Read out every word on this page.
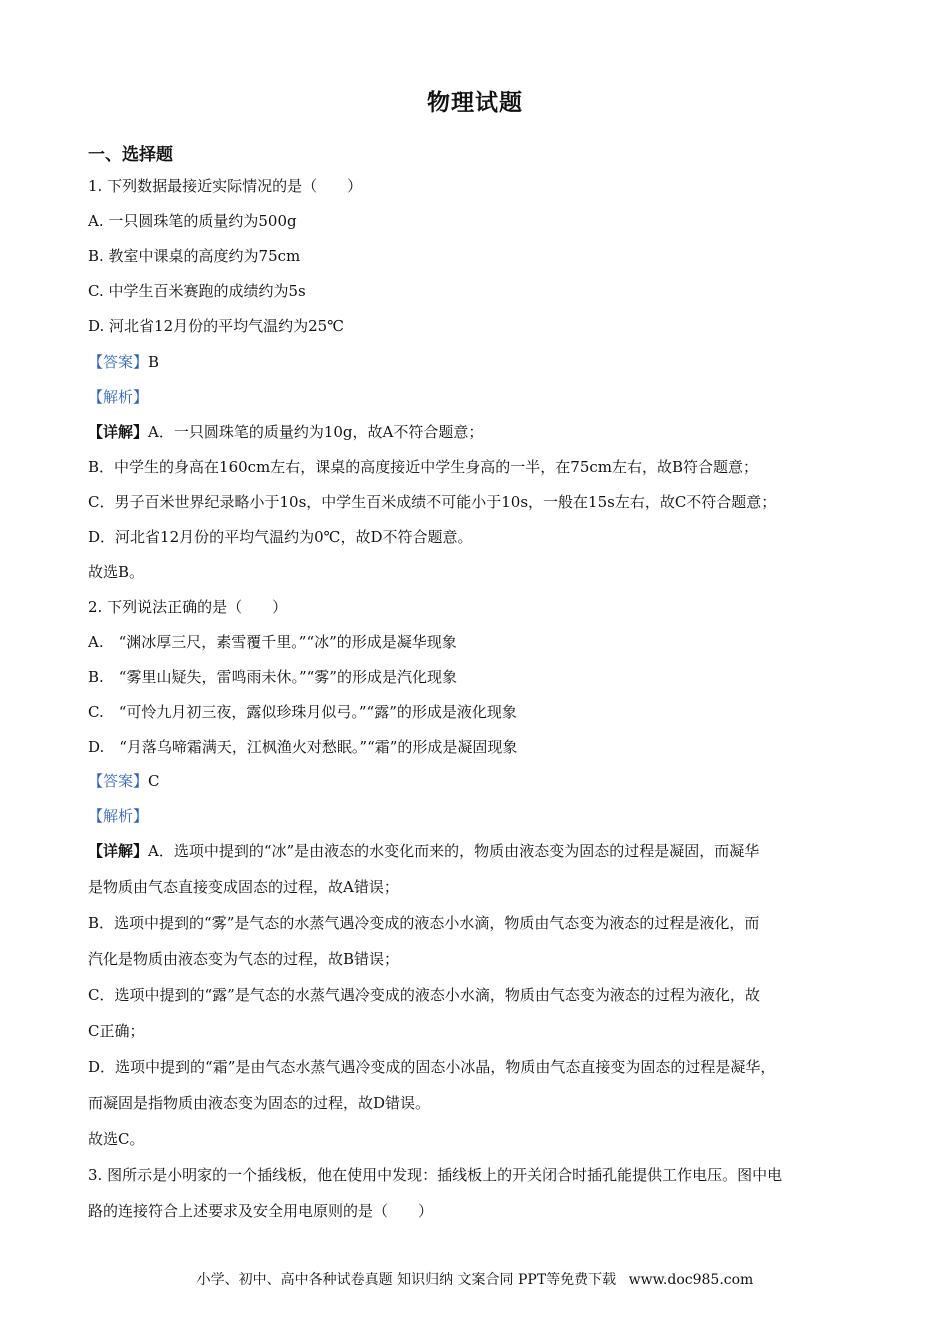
物理试题
一、选择题
1. 下列数据最接近实际情况的是（　　）
A. 一只圆珠笔的质量约为500g
B. 教室中课桌的高度约为75cm
C. 中学生百米赛跑的成绩约为5s
D. 河北省12月份的平均气温约为25℃
【答案】B
【解析】
【详解】A．一只圆珠笔的质量约为10g，故A不符合题意；
B．中学生的身高在160cm左右，课桌的高度接近中学生身高的一半，在75cm左右，故B符合题意；
C．男子百米世界纪录略小于10s，中学生百米成绩不可能小于10s，一般在15s左右，故C不符合题意；
D．河北省12月份的平均气温约为0℃，故D不符合题意。
故选B。
2. 下列说法正确的是（　　）
A.　“渊冰厚三尺，素雪覆千里。”“冰”的形成是凝华现象
B.　“雾里山疑失，雷鸣雨未休。”“雾”的形成是汽化现象
C.　“可怜九月初三夜，露似珍珠月似弓。”“露”的形成是液化现象
D.　“月落乌啼霜满天，江枫渔火对愁眠。”“霜”的形成是凝固现象
【答案】C
【解析】
【详解】A．选项中提到的“冰”是由液态的水变化而来的，物质由液态变为固态的过程是凝固，而凝华
是物质由气态直接变成固态的过程，故A错误；
B．选项中提到的“雾”是气态的水蒸气遇冷变成的液态小水滴，物质由气态变为液态的过程是液化，而
汽化是物质由液态变为气态的过程，故B错误；
C．选项中提到的“露”是气态的水蒸气遇冷变成的液态小水滴，物质由气态变为液态的过程为液化，故
C正确；
D．选项中提到的“霜”是由气态水蒸气遇冷变成的固态小冰晶，物质由气态直接变为固态的过程是凝华，
而凝固是指物质由液态变为固态的过程，故D错误。
故选C。
3. 图所示是小明家的一个插线板，他在使用中发现：插线板上的开关闭合时插孔能提供工作电压。图中电
路的连接符合上述要求及安全用电原则的是（　　）
小学、初中、高中各种试卷真题 知识归纳 文案合同 PPT等免费下载 www.doc985.com
